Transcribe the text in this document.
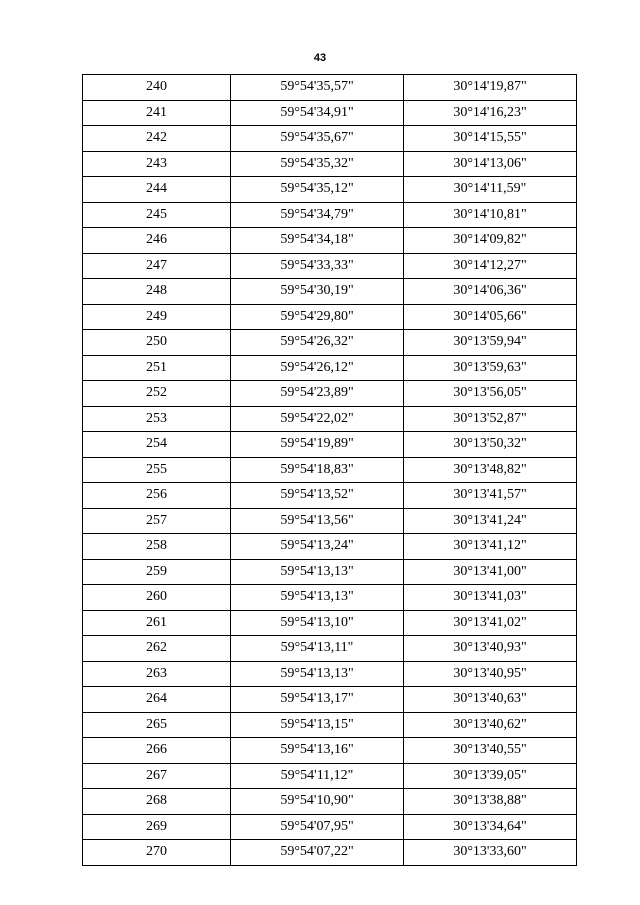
43
240	59°54'35,57"	30°14'19,87"
241	59°54'34,91"	30°14'16,23"
242	59°54'35,67"	30°14'15,55"
243	59°54'35,32"	30°14'13,06"
244	59°54'35,12"	30°14'11,59"
245	59°54'34,79"	30°14'10,81"
246	59°54'34,18"	30°14'09,82"
247	59°54'33,33"	30°14'12,27"
248	59°54'30,19"	30°14'06,36"
249	59°54'29,80"	30°14'05,66"
250	59°54'26,32"	30°13'59,94"
251	59°54'26,12"	30°13'59,63"
252	59°54'23,89"	30°13'56,05"
253	59°54'22,02"	30°13'52,87"
254	59°54'19,89"	30°13'50,32"
255	59°54'18,83"	30°13'48,82"
256	59°54'13,52"	30°13'41,57"
257	59°54'13,56"	30°13'41,24"
258	59°54'13,24"	30°13'41,12"
259	59°54'13,13"	30°13'41,00"
260	59°54'13,13"	30°13'41,03"
261	59°54'13,10"	30°13'41,02"
262	59°54'13,11"	30°13'40,93"
263	59°54'13,13"	30°13'40,95"
264	59°54'13,17"	30°13'40,63"
265	59°54'13,15"	30°13'40,62"
266	59°54'13,16"	30°13'40,55"
267	59°54'11,12"	30°13'39,05"
268	59°54'10,90"	30°13'38,88"
269	59°54'07,95"	30°13'34,64"
270	59°54'07,22"	30°13'33,60"
